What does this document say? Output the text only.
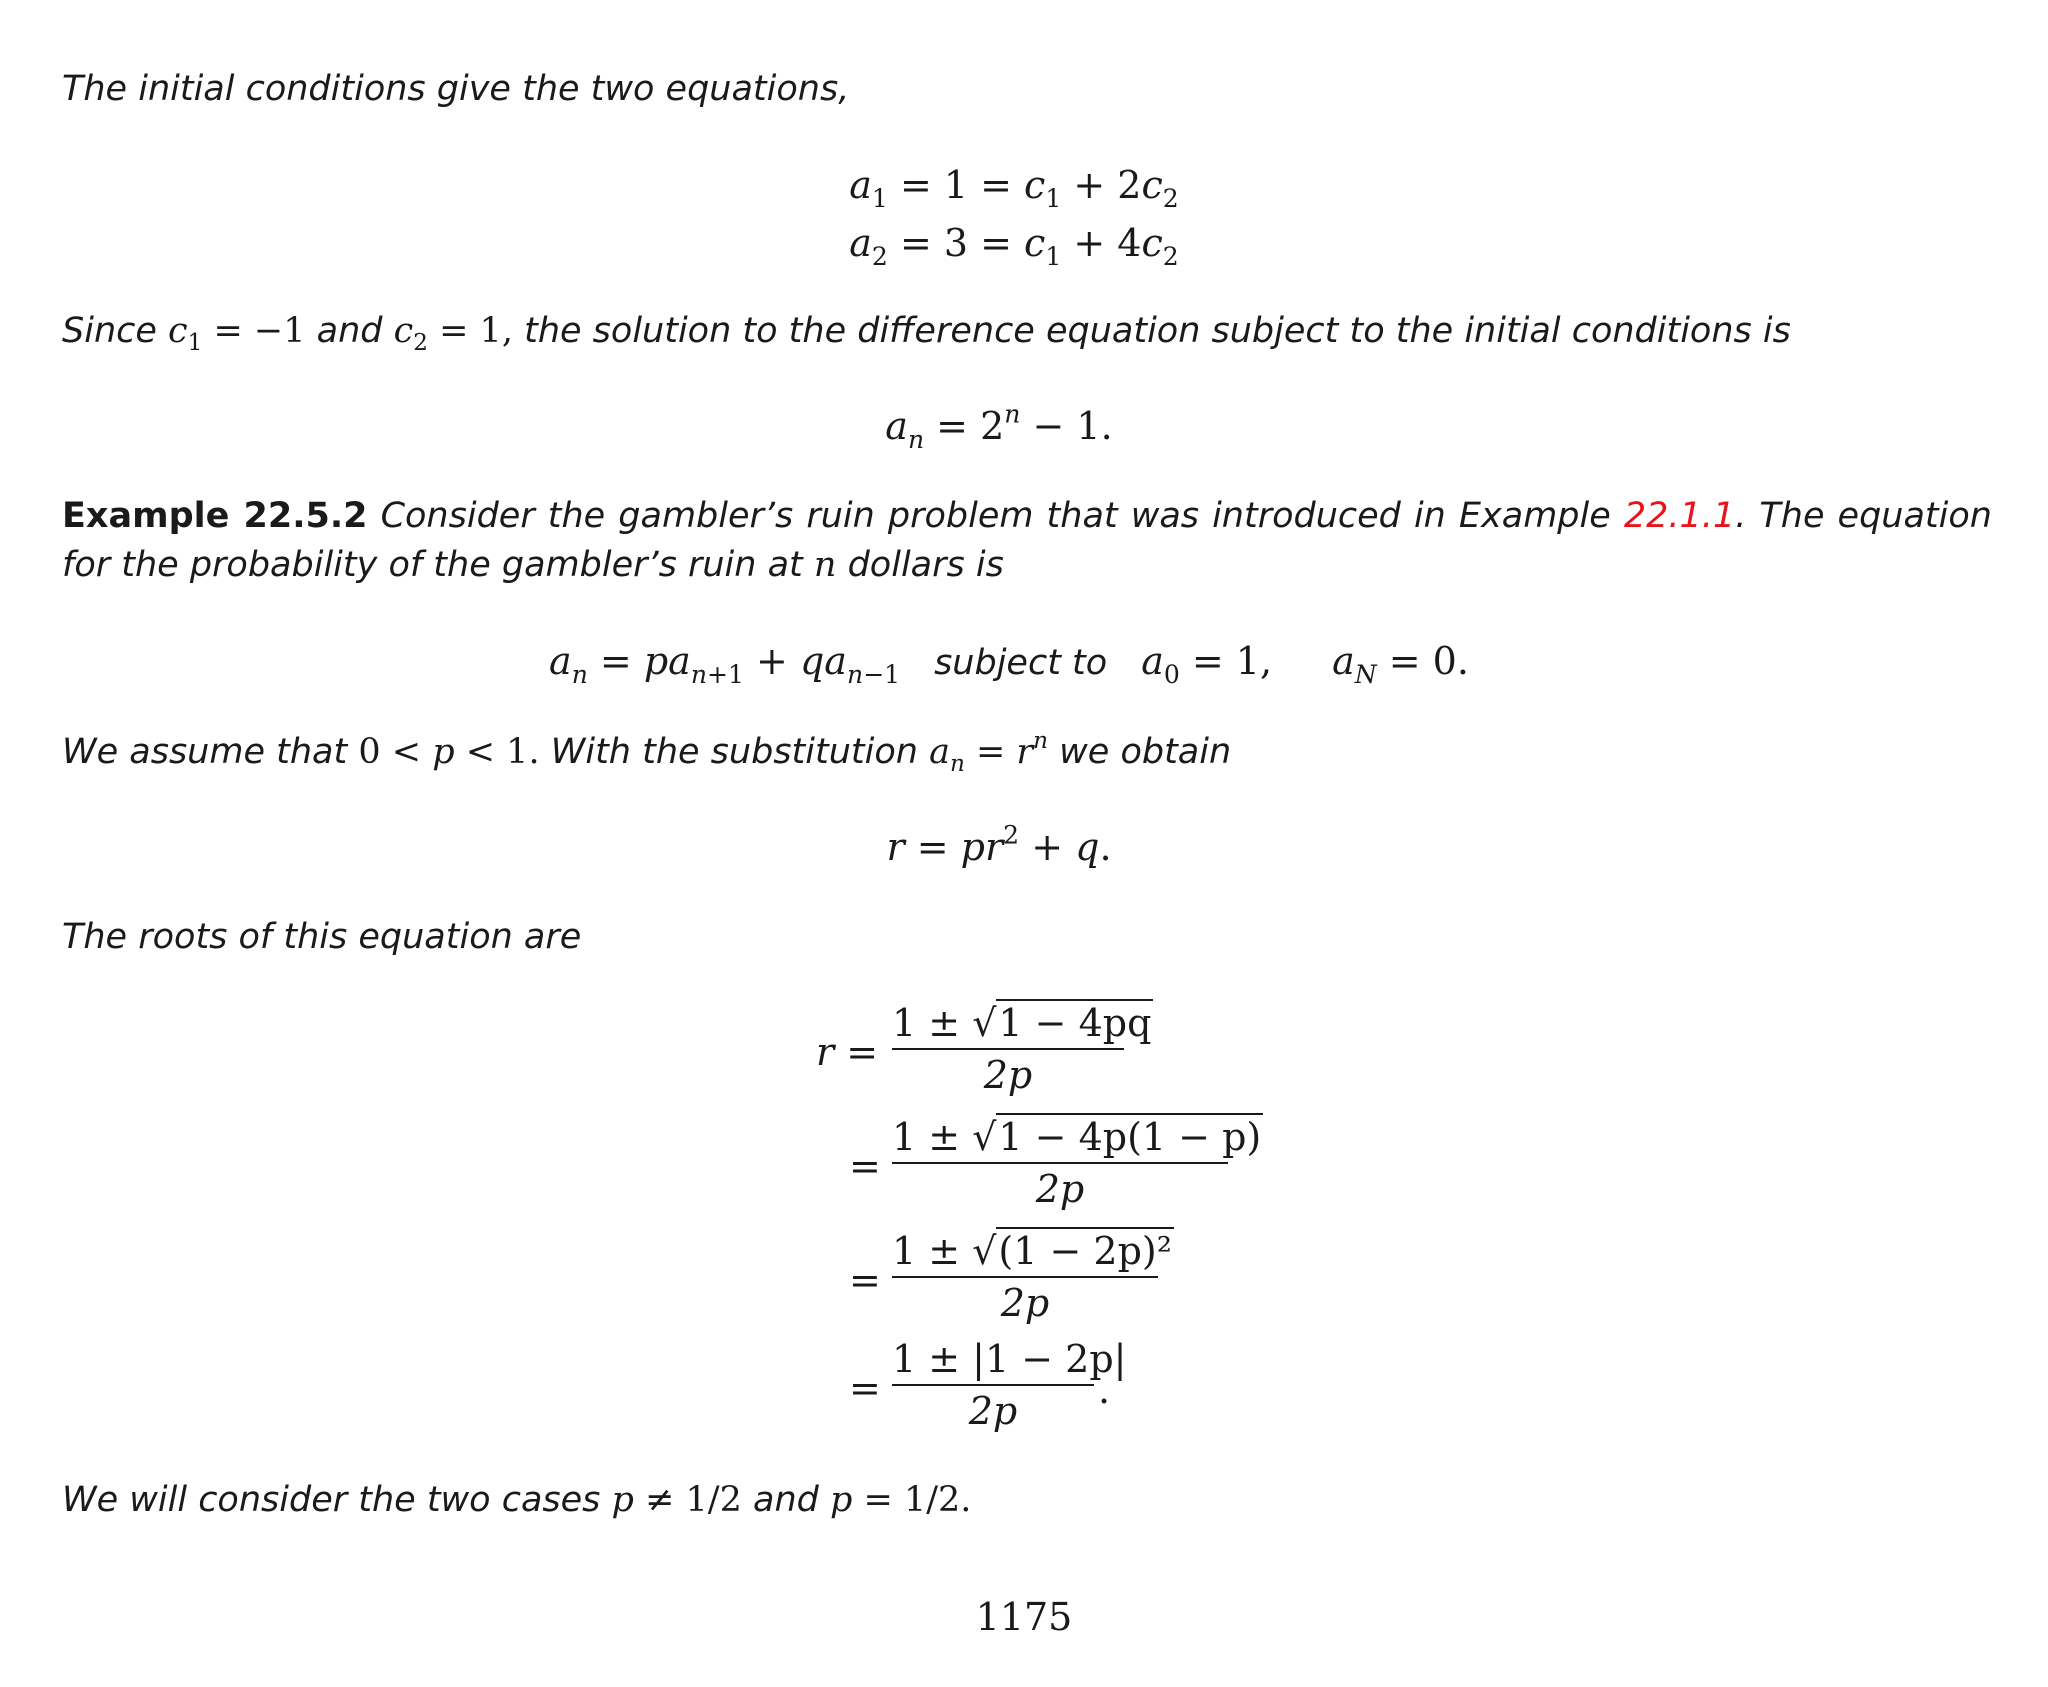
The initial conditions give the two equations,
$a_1 = 1 = c_1 + 2c_2$
$a_2 = 3 = c_1 + 4c_2$
Since $c_1 = -1$ and $c_2 = 1$, the solution to the difference equation subject to the initial conditions is
$a_n = 2^n - 1$.
Example 22.5.2 Consider the gambler’s ruin problem that was introduced in Example 22.1.1. The equation for the probability of the gambler’s ruin at n dollars is
$a_n = pa_{n+1} + qa_{n-1}$ subject to $a_0 = 1$, $a_N = 0$.
We assume that 0 < p < 1. With the substitution $a_n = r^n$ we obtain
$r = pr^2 + q$.
The roots of this equation are
r =
1 ± √1 − 4pq
2p
=
1 ± √1 − 4p(1 − p)
2p
=
1 ± √(1 − 2p)²
2p
=
1 ± |1 − 2p|
2p	.
We will consider the two cases p ≠ 1/2 and p = 1/2.
1175
